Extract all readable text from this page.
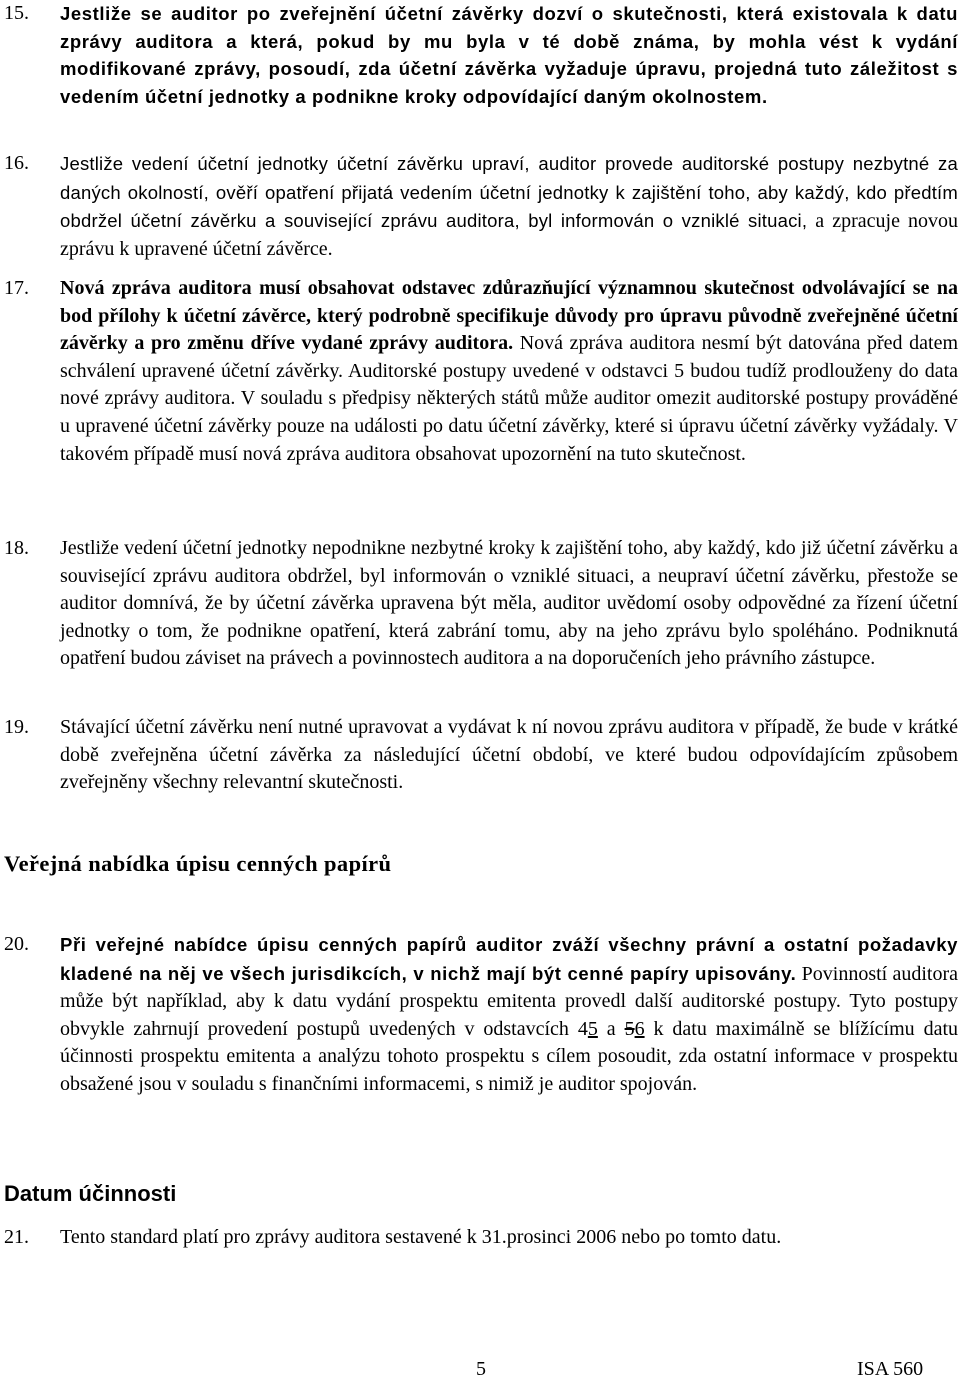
15. Jestliže se auditor po zveřejnění účetní závěrky dozví o skutečnosti, která existovala k datu zprávy auditora a která, pokud by mu byla v té době známa, by mohla vést k vydání modifikované zprávy, posoudí, zda účetní závěrka vyžaduje úpravu, projedná tuto záležitost s vedením účetní jednotky a podnikne kroky odpovídající daným okolnostem.
16. Jestliže vedení účetní jednotky účetní závěrku upraví, auditor provede auditorské postupy nezbytné za daných okolností, ověří opatření přijatá vedením účetní jednotky k zajištění toho, aby každý, kdo předtím obdržel účetní závěrku a související zprávu auditora, byl informován o vzniklé situaci, a zpracuje novou zprávu k upravené účetní závěrce.
17. Nová zpráva auditora musí obsahovat odstavec zdůrazňující významnou skutečnost odvolávající se na bod přílohy k účetní závěrce, který podrobně specifikuje důvody pro úpravu původně zveřejněné účetní závěrky a pro změnu dříve vydané zprávy auditora. Nová zpráva auditora nesmí být datována před datem schválení upravené účetní závěrky. Auditorské postupy uvedené v odstavci 5 budou tudíž prodlouženy do data nové zprávy auditora. V souladu s předpisy některých států může auditor omezit auditorské postupy prováděné u upravené účetní závěrky pouze na události po datu účetní závěrky, které si úpravu účetní závěrky vyžádaly. V takovém případě musí nová zpráva auditora obsahovat upozornění na tuto skutečnost.
18. Jestliže vedení účetní jednotky nepodnikne nezbytné kroky k zajištění toho, aby každý, kdo již účetní závěrku a související zprávu auditora obdržel, byl informován o vzniklé situaci, a neupraví účetní závěrku, přestože se auditor domnívá, že by účetní závěrka upravena být měla, auditor uvědomí osoby odpovědné za řízení účetní jednotky o tom, že podnikne opatření, která zabrání tomu, aby na jeho zprávu bylo spoléháno. Podniknutá opatření budou záviset na právech a povinnostech auditora a na doporučeních jeho právního zástupce.
19. Stávající účetní závěrku není nutné upravovat a vydávat k ní novou zprávu auditora v případě, že bude v krátké době zveřejněna účetní závěrka za následující účetní období, ve které budou odpovídajícím způsobem zveřejněny všechny relevantní skutečnosti.
Veřejná nabídka úpisu cenných papírů
20. Při veřejné nabídce úpisu cenných papírů auditor zváží všechny právní a ostatní požadavky kladené na něj ve všech jurisdikcích, v nichž mají být cenné papíry upisovány. Povinností auditora může být například, aby k datu vydání prospektu emitenta provedl další auditorské postupy. Tyto postupy obvykle zahrnují provedení postupů uvedených v odstavcích 45 a 56 k datu maximálně se blížícímu datu účinnosti prospektu emitenta a analýzu tohoto prospektu s cílem posoudit, zda ostatní informace v prospektu obsažené jsou v souladu s finančními informacemi, s nimiž je auditor spojován.
Datum účinnosti
21. Tento standard platí pro zprávy auditora sestavené k 31.prosinci 2006 nebo po tomto datu.
5	ISA 560
